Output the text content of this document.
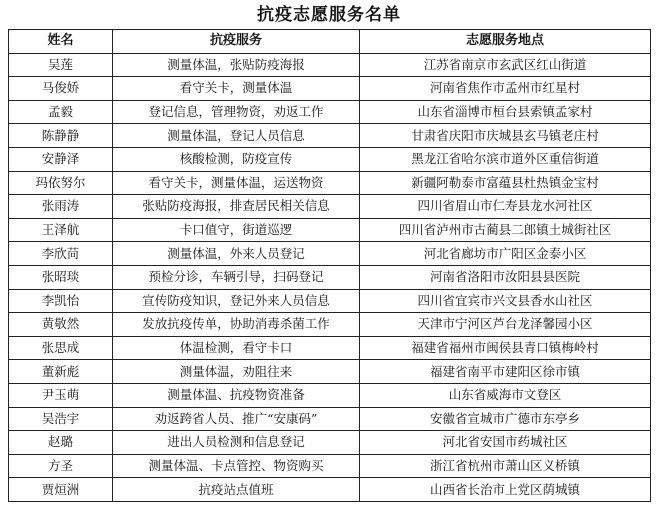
抗疫志愿服务名单
姓名	抗疫服务	志愿服务地点
吴莲	测量体温，张贴防疫海报	江苏省南京市玄武区红山街道
马俊娇	看守关卡，测量体温	河南省焦作市孟州市红星村
孟毅	登记信息，管理物资，劝返工作	山东省淄博市桓台县索镇孟家村
陈静静	测量体温，登记人员信息	甘肃省庆阳市庆城县玄马镇老庄村
安静泽	核酸检测，防疫宣传	黑龙江省哈尔滨市道外区重信街道
玛依努尔	看守关卡，测量体温，运送物资	新疆阿勒泰市富蕴县杜热镇金宝村
张雨涛	张贴防疫海报，排查居民相关信息	四川省眉山市仁寿县龙水河社区
王泽航	卡口值守，街道巡逻	四川省泸州市古蔺县二郎镇土城街社区
李欣苘	测量体温，外来人员登记	河北省廊坊市广阳区金泰小区
张昭琰	预检分诊，车辆引导，扫码登记	河南省洛阳市汝阳县县医院
李凯怡	宣传防疫知识，登记外来人员信息	四川省宜宾市兴文县香水山社区
黄敬然	发放抗疫传单，协助消毒杀菌工作	天津市宁河区芦台龙泽馨园小区
张思成	体温检测，看守卡口	福建省福州市闽侯县青口镇梅岭村
董新彪	测量体温，劝阻往来	福建省南平市建阳区徐市镇
尹玉萌	测量体温、抗疫物资准备	山东省威海市文登区
吴浩宇	劝返跨省人员、推广“安康码”	安徽省宣城市广德市东亭乡
赵璐	进出人员检测和信息登记	河北省安国市药城社区
方圣	测量体温、卡点管控、物资购买	浙江省杭州市萧山区义桥镇
贾烜洲	抗疫站点值班	山西省长治市上党区荫城镇
